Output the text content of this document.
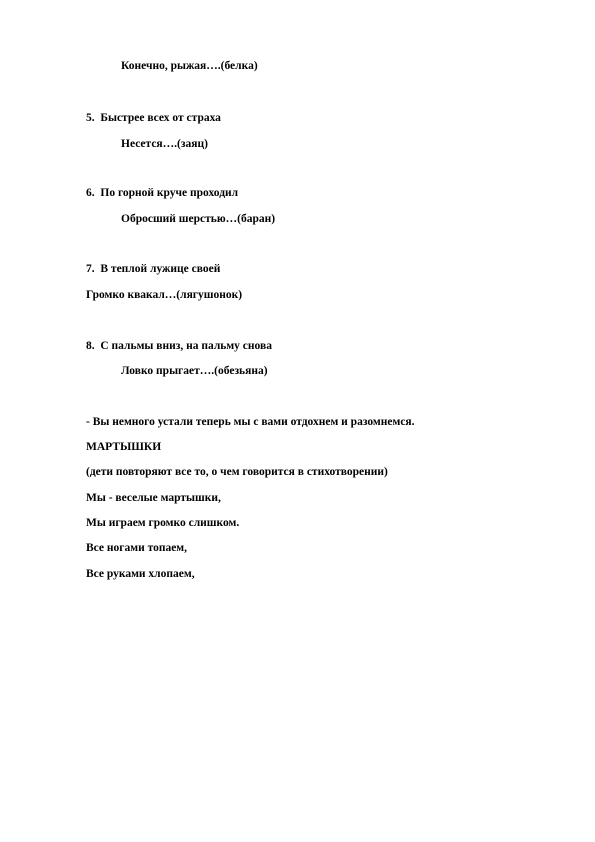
Конечно, рыжая….(белка)
5. Быстрее всех от страха
Несется….(заяц)
6. По горной круче проходил
Обросший шерстью…(баран)
7. В теплой лужице своей
Громко квакал…(лягушонок)
8. С пальмы вниз, на пальму снова
Ловко прыгает….(обезьяна)
- Вы немного устали теперь мы с вами отдохнем и разомнемся.
МАРТЫШКИ
(дети повторяют все то, о чем говорится в стихотворении)
Мы - веселые мартышки,
Мы играем громко слишком.
Все ногами топаем,
Все руками хлопаем,
